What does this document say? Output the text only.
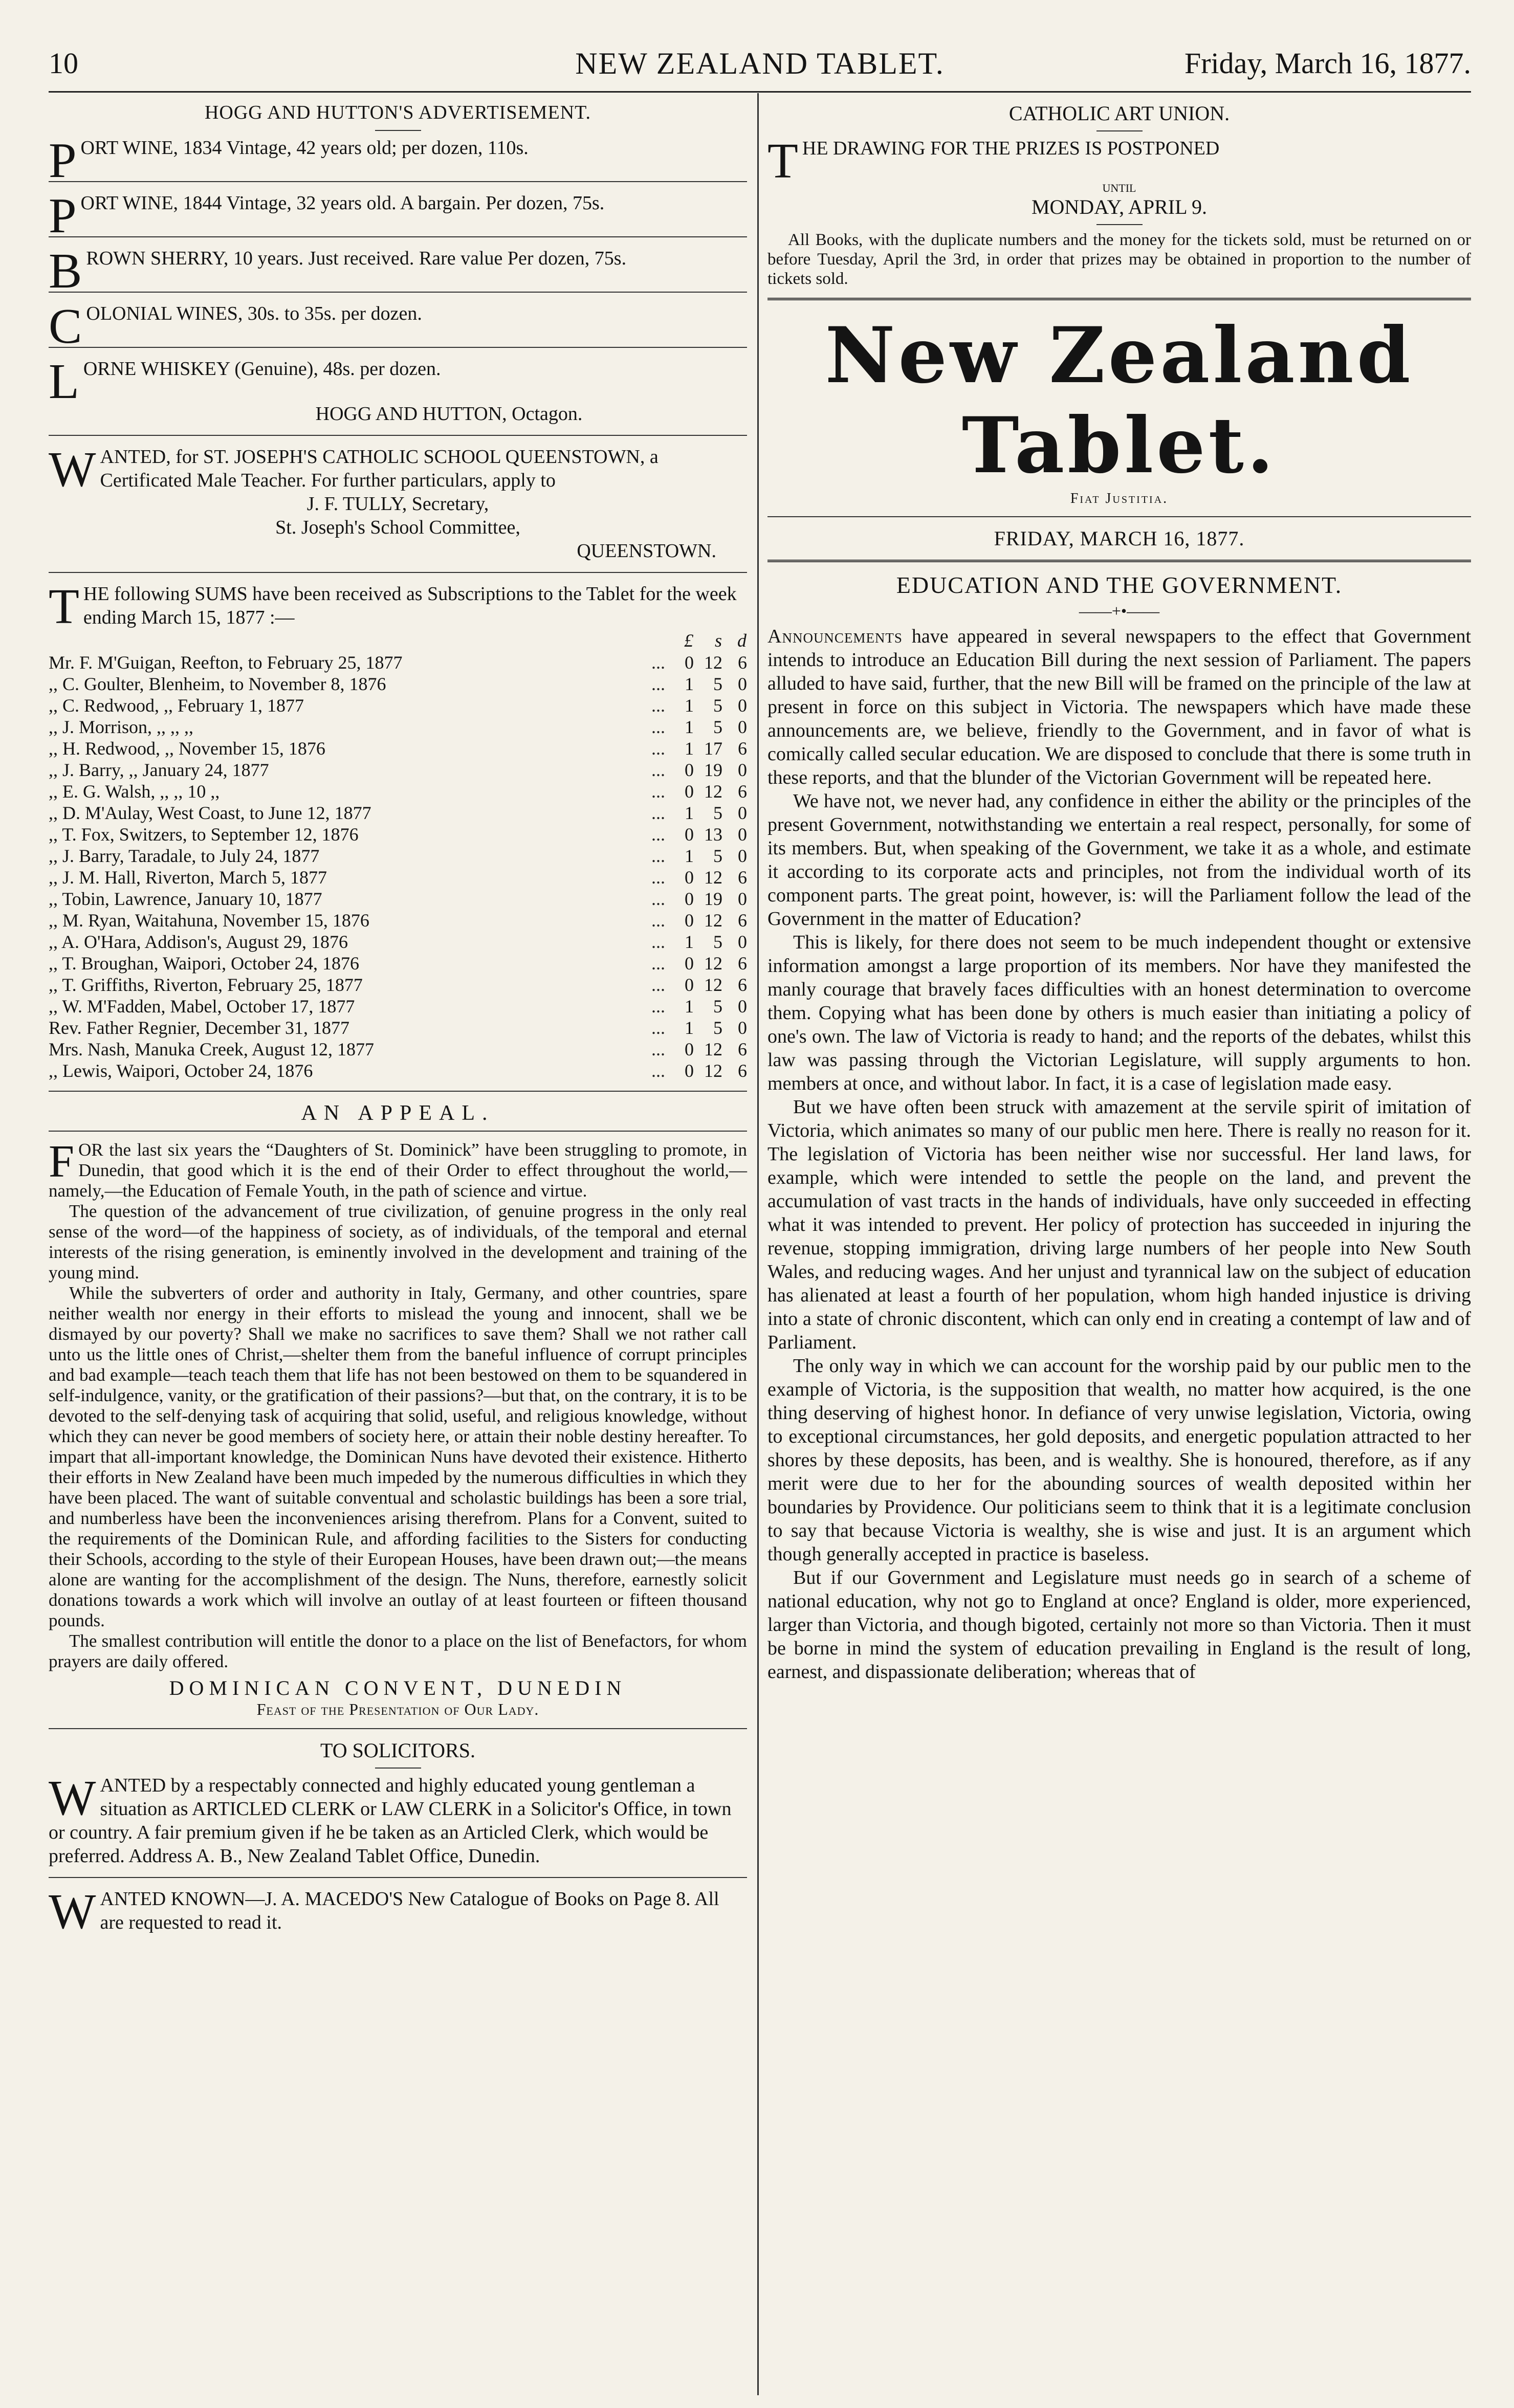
10	NEW ZEALAND TABLET.	Friday, March 16, 1877.
HOGG AND HUTTON'S ADVERTISEMENT.

PORT WINE, 1834 Vintage, 42 years old; per dozen, 110s.

PORT WINE, 1844 Vintage, 32 years old. A bargain. Per dozen, 75s.

BROWN SHERRY, 10 years. Just received. Rare value Per dozen, 75s.

COLONIAL WINES, 30s. to 35s. per dozen.

LORNE WHISKEY (Genuine), 48s. per dozen.

HOGG AND HUTTON, Octagon.

WANTED, for ST. JOSEPH'S CATHOLIC SCHOOL QUEENSTOWN, a Certificated Male Teacher. For further particulars, apply to

J. F. TULLY, Secretary,
St. Joseph's School Committee,
QUEENSTOWN.

THE following SUMS have been received as Subscriptions to the Tablet for the week ending March 15, 1877 :—

		£	s	d
Mr. F. M'Guigan, Reefton, to February 25, 1877	...	0	12	6
,, C. Goulter, Blenheim, to November 8, 1876	...	1	5	0
,, C. Redwood, ,, February 1, 1877	...	1	5	0
,, J. Morrison, ,, ,, ,,	...	1	5	0
,, H. Redwood, ,, November 15, 1876	...	1	17	6
,, J. Barry, ,, January 24, 1877	...	0	19	0
,, E. G. Walsh, ,, ,, 10 ,,	...	0	12	6
,, D. M'Aulay, West Coast, to June 12, 1877	...	1	5	0
,, T. Fox, Switzers, to September 12, 1876	...	0	13	0
,, J. Barry, Taradale, to July 24, 1877	...	1	5	0
,, J. M. Hall, Riverton, March 5, 1877	...	0	12	6
,, Tobin, Lawrence, January 10, 1877	...	0	19	0
,, M. Ryan, Waitahuna, November 15, 1876	...	0	12	6
,, A. O'Hara, Addison's, August 29, 1876	...	1	5	0
,, T. Broughan, Waipori, October 24, 1876	...	0	12	6
,, T. Griffiths, Riverton, February 25, 1877	...	0	12	6
,, W. M'Fadden, Mabel, October 17, 1877	...	1	5	0
Rev. Father Regnier, December 31, 1877	...	1	5	0
Mrs. Nash, Manuka Creek, August 12, 1877	...	0	12	6
,, Lewis, Waipori, October 24, 1876	...	0	12	6
AN APPEAL.

FOR the last six years the “Daughters of St. Dominick” have been struggling to promote, in Dunedin, that good which it is the end of their Order to effect throughout the world,—namely,—the Education of Female Youth, in the path of science and virtue.

The question of the advancement of true civilization, of genuine progress in the only real sense of the word—of the happiness of society, as of individuals, of the temporal and eternal interests of the rising generation, is eminently involved in the development and training of the young mind.

While the subverters of order and authority in Italy, Germany, and other countries, spare neither wealth nor energy in their efforts to mislead the young and innocent, shall we be dismayed by our poverty? Shall we make no sacrifices to save them? Shall we not rather call unto us the little ones of Christ,—shelter them from the baneful influence of corrupt principles and bad example—teach teach them that life has not been bestowed on them to be squandered in self-indulgence, vanity, or the gratification of their passions?—but that, on the contrary, it is to be devoted to the self-denying task of acquiring that solid, useful, and religious knowledge, without which they can never be good members of society here, or attain their noble destiny hereafter. To impart that all-important knowledge, the Dominican Nuns have devoted their existence. Hitherto their efforts in New Zealand have been much impeded by the numerous difficulties in which they have been placed. The want of suitable conventual and scholastic buildings has been a sore trial, and numberless have been the inconveniences arising therefrom. Plans for a Convent, suited to the requirements of the Dominican Rule, and affording facilities to the Sisters for conducting their Schools, according to the style of their European Houses, have been drawn out;—the means alone are wanting for the accomplishment of the design. The Nuns, therefore, earnestly solicit donations towards a work which will involve an outlay of at least fourteen or fifteen thousand pounds.

The smallest contribution will entitle the donor to a place on the list of Benefactors, for whom prayers are daily offered.

DOMINICAN CONVENT, DUNEDIN
Feast of the Presentation of Our Lady.
TO SOLICITORS.

WANTED by a respectably connected and highly educated young gentleman a situation as ARTICLED CLERK or LAW CLERK in a Solicitor's Office, in town or country. A fair premium given if he be taken as an Articled Clerk, which would be preferred. Address A. B., New Zealand Tablet Office, Dunedin.

WANTED KNOWN—J. A. MACEDO'S New Catalogue of Books on Page 8. All are requested to read it.

CATHOLIC ART UNION.

THE DRAWING FOR THE PRIZES IS POSTPONED

UNTIL
MONDAY, APRIL 9.

All Books, with the duplicate numbers and the money for the tickets sold, must be returned on or before Tuesday, April the 3rd, in order that prizes may be obtained in proportion to the number of tickets sold.

New Zealand Tablet.
Fiat Justitia.
FRIDAY, MARCH 16, 1877.
EDUCATION AND THE GOVERNMENT.
——+•——

Announcements have appeared in several newspapers to the effect that Government intends to introduce an Education Bill during the next session of Parliament. The papers alluded to have said, further, that the new Bill will be framed on the principle of the law at present in force on this subject in Victoria. The newspapers which have made these announcements are, we believe, friendly to the Government, and in favor of what is comically called secular education. We are disposed to conclude that there is some truth in these reports, and that the blunder of the Victorian Government will be repeated here.

We have not, we never had, any confidence in either the ability or the principles of the present Government, notwithstanding we entertain a real respect, personally, for some of its members. But, when speaking of the Government, we take it as a whole, and estimate it according to its corporate acts and principles, not from the individual worth of its component parts. The great point, however, is: will the Parliament follow the lead of the Government in the matter of Education?

This is likely, for there does not seem to be much independent thought or extensive information amongst a large proportion of its members. Nor have they manifested the manly courage that bravely faces difficulties with an honest determination to overcome them. Copying what has been done by others is much easier than initiating a policy of one's own. The law of Victoria is ready to hand; and the reports of the debates, whilst this law was passing through the Victorian Legislature, will supply arguments to hon. members at once, and without labor. In fact, it is a case of legislation made easy.

But we have often been struck with amazement at the servile spirit of imitation of Victoria, which animates so many of our public men here. There is really no reason for it. The legislation of Victoria has been neither wise nor successful. Her land laws, for example, which were intended to settle the people on the land, and prevent the accumulation of vast tracts in the hands of individuals, have only succeeded in effecting what it was intended to prevent. Her policy of protection has succeeded in injuring the revenue, stopping immigration, driving large numbers of her people into New South Wales, and reducing wages. And her unjust and tyrannical law on the subject of education has alienated at least a fourth of her population, whom high handed injustice is driving into a state of chronic discontent, which can only end in creating a contempt of law and of Parliament.

The only way in which we can account for the worship paid by our public men to the example of Victoria, is the supposition that wealth, no matter how acquired, is the one thing deserving of highest honor. In defiance of very unwise legislation, Victoria, owing to exceptional circumstances, her gold deposits, and energetic population attracted to her shores by these deposits, has been, and is wealthy. She is honoured, therefore, as if any merit were due to her for the abounding sources of wealth deposited within her boundaries by Providence. Our politicians seem to think that it is a legitimate conclusion to say that because Victoria is wealthy, she is wise and just. It is an argument which though generally accepted in practice is baseless.

But if our Government and Legislature must needs go in search of a scheme of national education, why not go to England at once? England is older, more experienced, larger than Victoria, and though bigoted, certainly not more so than Victoria. Then it must be borne in mind the system of education prevailing in England is the result of long, earnest, and dispassionate deliberation; whereas that of
